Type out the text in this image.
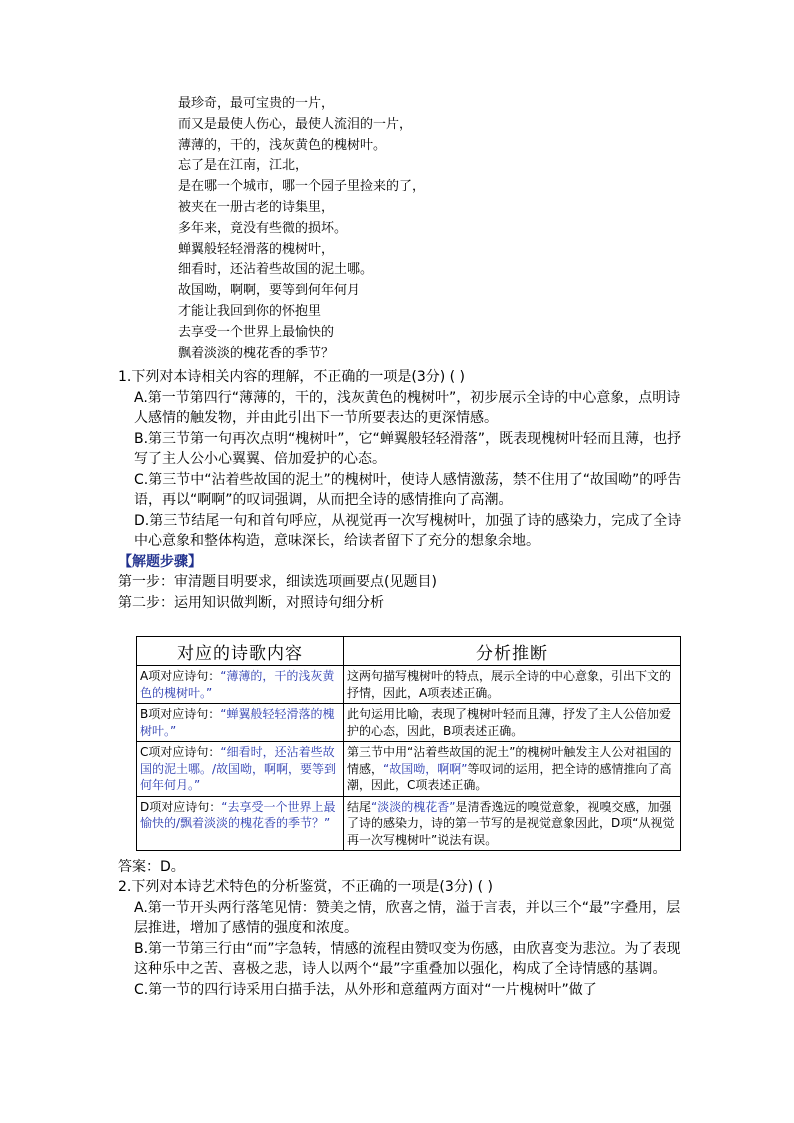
最珍奇，最可宝贵的一片，
而又是最使人伤心，最使人流泪的一片，
薄薄的，干的，浅灰黄色的槐树叶。
忘了是在江南，江北，
是在哪一个城市，哪一个园子里捡来的了，
被夹在一册古老的诗集里，
多年来，竟没有些微的损坏。
蝉翼般轻轻滑落的槐树叶，
细看时，还沾着些故国的泥土哪。
故国呦，啊啊，要等到何年何月
才能让我回到你的怀抱里
去享受一个世界上最愉快的
飘着淡淡的槐花香的季节？
1.下列对本诗相关内容的理解，不正确的一项是(3分) ( )
A.第一节第四行“薄薄的，干的，浅灰黄色的槐树叶”，初步展示全诗的中心意象，点明诗人感情的触发物，并由此引出下一节所要表达的更深情感。
B.第三节第一句再次点明“槐树叶”，它“蝉翼般轻轻滑落”，既表现槐树叶轻而且薄，也抒写了主人公小心翼翼、倍加爱护的心态。
C.第三节中“沾着些故国的泥土”的槐树叶，使诗人感情激荡，禁不住用了“故国呦”的呼告语，再以“啊啊”的叹词强调，从而把全诗的感情推向了高潮。
D.第三节结尾一句和首句呼应，从视觉再一次写槐树叶，加强了诗的感染力，完成了全诗中心意象和整体构造，意味深长，给读者留下了充分的想象余地。
【解题步骤】
第一步：审清题目明要求，细读选项画要点(见题目)
第二步：运用知识做判断，对照诗句细分析
对应的诗歌内容	分析推断
A项对应诗句：“薄薄的，干的浅灰黄色的槐树叶。”	这两句描写槐树叶的特点，展示全诗的中心意象，引出下文的抒情，因此，A项表述正确。
B项对应诗句：“蝉翼般轻轻滑落的槐树叶。”	此句运用比喻，表现了槐树叶轻而且薄，抒发了主人公倍加爱护的心态，因此，B项表述正确。
C项对应诗句：“细看时，还沾着些故国的泥土哪。/故国呦，啊啊，要等到何年何月。”	第三节中用“沾着些故国的泥土”的槐树叶触发主人公对祖国的情感，“故国呦，啊啊”等叹词的运用，把全诗的感情推向了高潮，因此，C项表述正确。
D项对应诗句：“去享受一个世界上最愉快的/飘着淡淡的槐花香的季节？”	结尾“淡淡的槐花香”是清香逸远的嗅觉意象，视嗅交感，加强了诗的感染力，诗的第一节写的是视觉意象因此，D项“从视觉再一次写槐树叶”说法有误。
答案：D。
2.下列对本诗艺术特色的分析鉴赏，不正确的一项是(3分) ( )
A.第一节开头两行落笔见情：赞美之情，欣喜之情，溢于言表，并以三个“最”字叠用，层层推进，增加了感情的强度和浓度。
B.第一节第三行由“而”字急转，情感的流程由赞叹变为伤感，由欣喜变为悲泣。为了表现这种乐中之苦、喜极之悲，诗人以两个“最”字重叠加以强化，构成了全诗情感的基调。
C.第一节的四行诗采用白描手法，从外形和意蕴两方面对“一片槐树叶”做了
